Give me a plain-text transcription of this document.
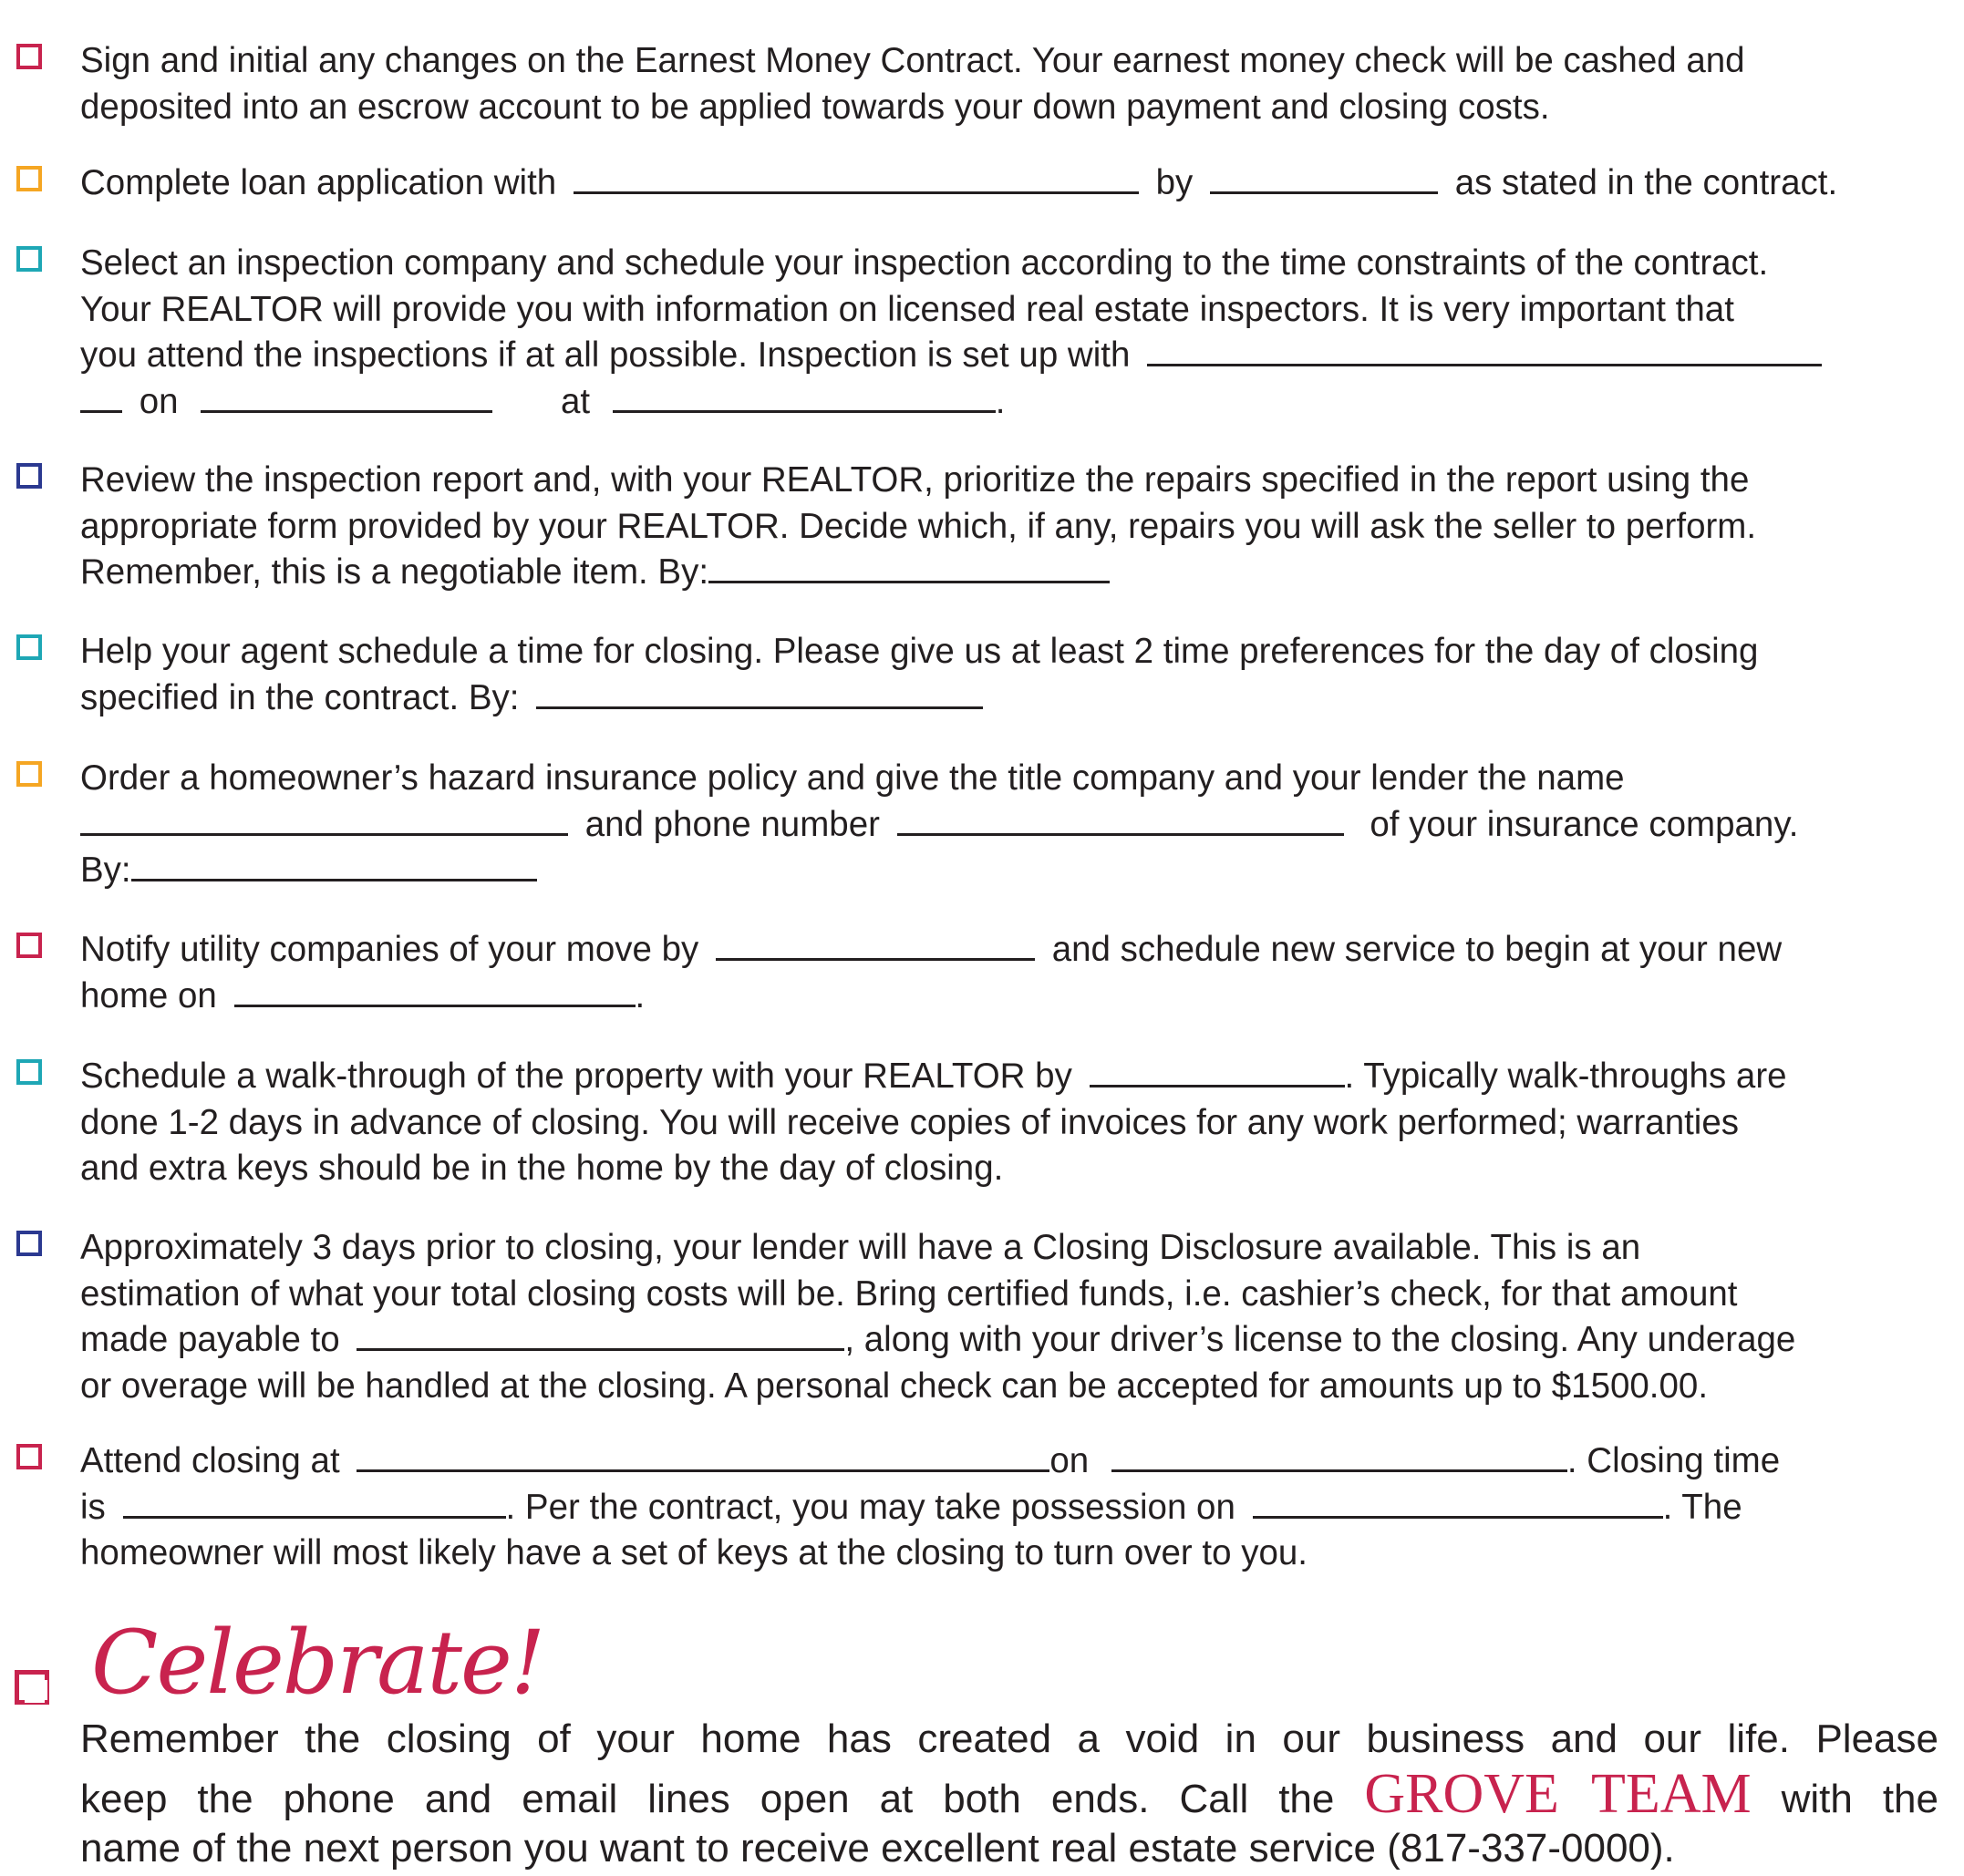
Sign and initial any changes on the Earnest Money Contract. Your earnest money check will be cashed and
deposited into an escrow account to be applied towards your down payment and closing costs.
Complete loan application with	by	as stated in the contract.
Select an inspection company and schedule your inspection according to the time constraints of the contract.
Your REALTOR will provide you with information on licensed real estate inspectors. It is very important that
you attend the inspections if at all possible. Inspection is set up with
on	at	.
Review the inspection report and, with your REALTOR, prioritize the repairs specified in the report using the
appropriate form provided by your REALTOR. Decide which, if any, repairs you will ask the seller to perform.
Remember, this is a negotiable item. By:
Help your agent schedule a time for closing. Please give us at least 2 time preferences for the day of closing
specified in the contract. By:
Order a homeowner’s hazard insurance policy and give the title company and your lender the name
and phone number	of your insurance company.
By:
Notify utility companies of your move by	and schedule new service to begin at your new
home on	.
Schedule a walk-through of the property with your REALTOR by	. Typically walk-throughs are
done 1-2 days in advance of closing. You will receive copies of invoices for any work performed; warranties
and extra keys should be in the home by the day of closing.
Approximately 3 days prior to closing, your lender will have a Closing Disclosure available. This is an
estimation of what your total closing costs will be. Bring certified funds, i.e. cashier’s check, for that amount
made payable to	, along with your driver’s license to the closing. Any underage
or overage will be handled at the closing. A personal check can be accepted for amounts up to $1500.00.
Attend closing at	on	. Closing time
is	. Per the contract, you may take possession on	. The
homeowner will most likely have a set of keys at the closing to turn over to you.
Celebrate!
Remember the closing of your home has created a void in our business and our life. Please
keep the phone and email lines open at both ends. Call the GROVE TEAM with the
name of the next person you want to receive excellent real estate service (817-337-0000).
